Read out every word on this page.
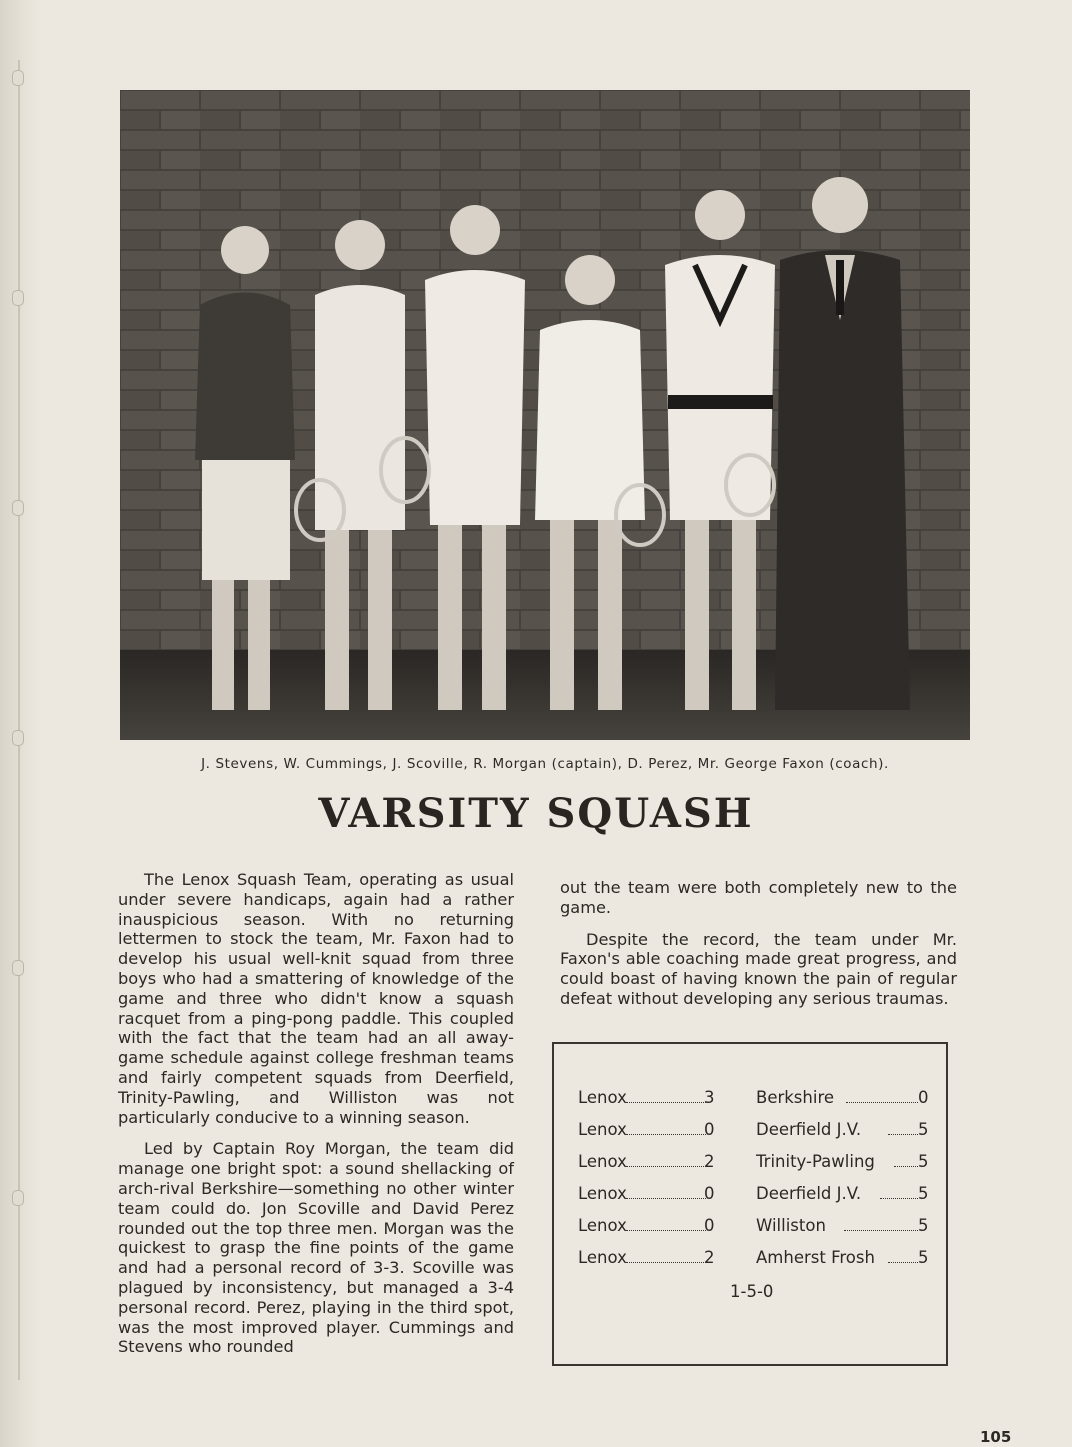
J. Stevens, W. Cummings, J. Scoville, R. Morgan (captain), D. Perez, Mr. George Faxon (coach).
VARSITY SQUASH

The Lenox Squash Team, operating as usual under severe handicaps, again had a rather inauspicious season. With no returning lettermen to stock the team, Mr. Faxon had to develop his usual well-knit squad from three boys who had a smattering of knowledge of the game and three who didn't know a squash racquet from a ping-pong paddle. This coupled with the fact that the team had an all away-game schedule against college freshman teams and fairly competent squads from Deerfield, Trinity-Pawling, and Williston was not particularly conducive to a winning season.

Led by Captain Roy Morgan, the team did manage one bright spot: a sound shellacking of arch-rival Berkshire—something no other winter team could do. Jon Scoville and David Perez rounded out the top three men. Morgan was the quickest to grasp the fine points of the game and had a personal record of 3-3. Scoville was plagued by inconsistency, but managed a 3-4 personal record. Perez, playing in the third spot, was the most improved player. Cummings and Stevens who rounded

out the team were both completely new to the game.

Despite the record, the team under Mr. Faxon's able coaching made great progress, and could boast of having known the pain of regular defeat without developing any serious traumas.

Lenox	3	Berkshire	0
Lenox	0	Deerfield J.V.	5
Lenox	2	Trinity-Pawling	5
Lenox	0	Deerfield J.V.	5
Lenox	0	Williston	5
Lenox	2	Amherst Frosh	5
1-5-0
105
